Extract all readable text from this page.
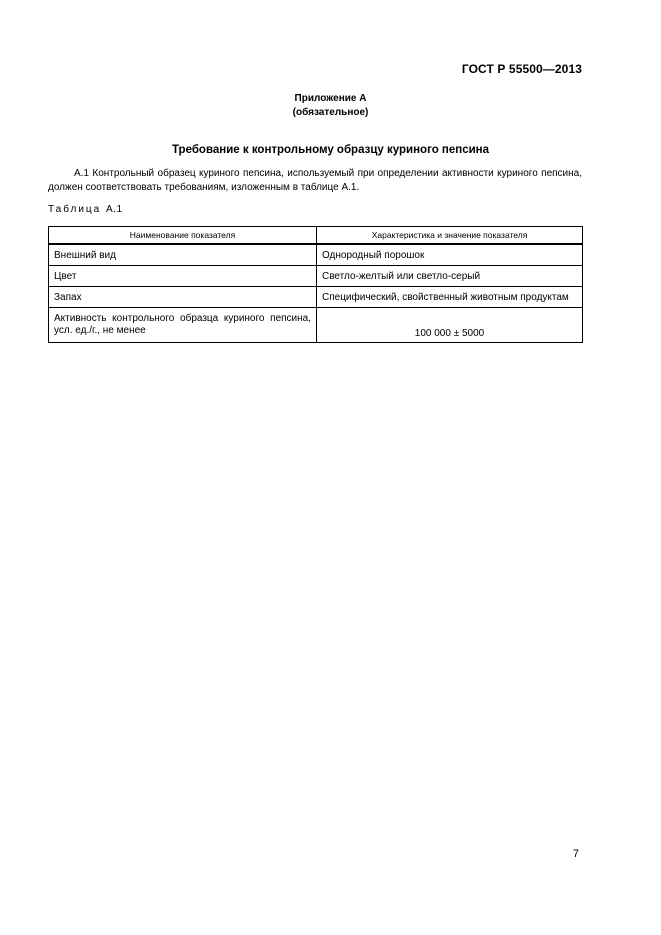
ГОСТ Р 55500—2013
Приложение А
(обязательное)
Требование к контрольному образцу куриного пепсина
А.1 Контрольный образец куриного пепсина, используемый при определении активности куриного пепсина, должен соответствовать требованиям, изложенным в таблице А.1.
Таблица А.1
Наименование показателя	Характеристика и значение показателя
Внешний вид	Однородный порошок
Цвет	Светло-желтый или светло-серый
Запах	Специфический, свойственный животным продуктам
Активность контрольного образца куриного пепсина, усл. ед./г., не менее	100 000 ± 5000
7
